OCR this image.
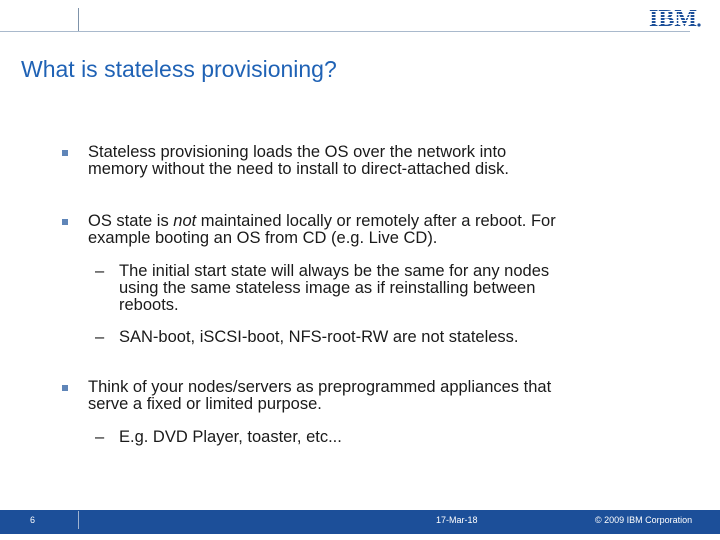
IBM
What is stateless provisioning?
Stateless provisioning loads the OS over the network into
memory without the need to install to direct-attached disk.
OS state is not maintained locally or remotely after a reboot. For
example booting an OS from CD (e.g. Live CD).
– The initial start state will always be the same for any nodes
using the same stateless image as if reinstalling between
reboots.
– SAN-boot, iSCSI-boot, NFS-root-RW are not stateless.
Think of your nodes/servers as preprogrammed appliances that
serve a fixed or limited purpose.
– E.g. DVD Player, toaster, etc...
6	17-Mar-18	© 2009 IBM Corporation
